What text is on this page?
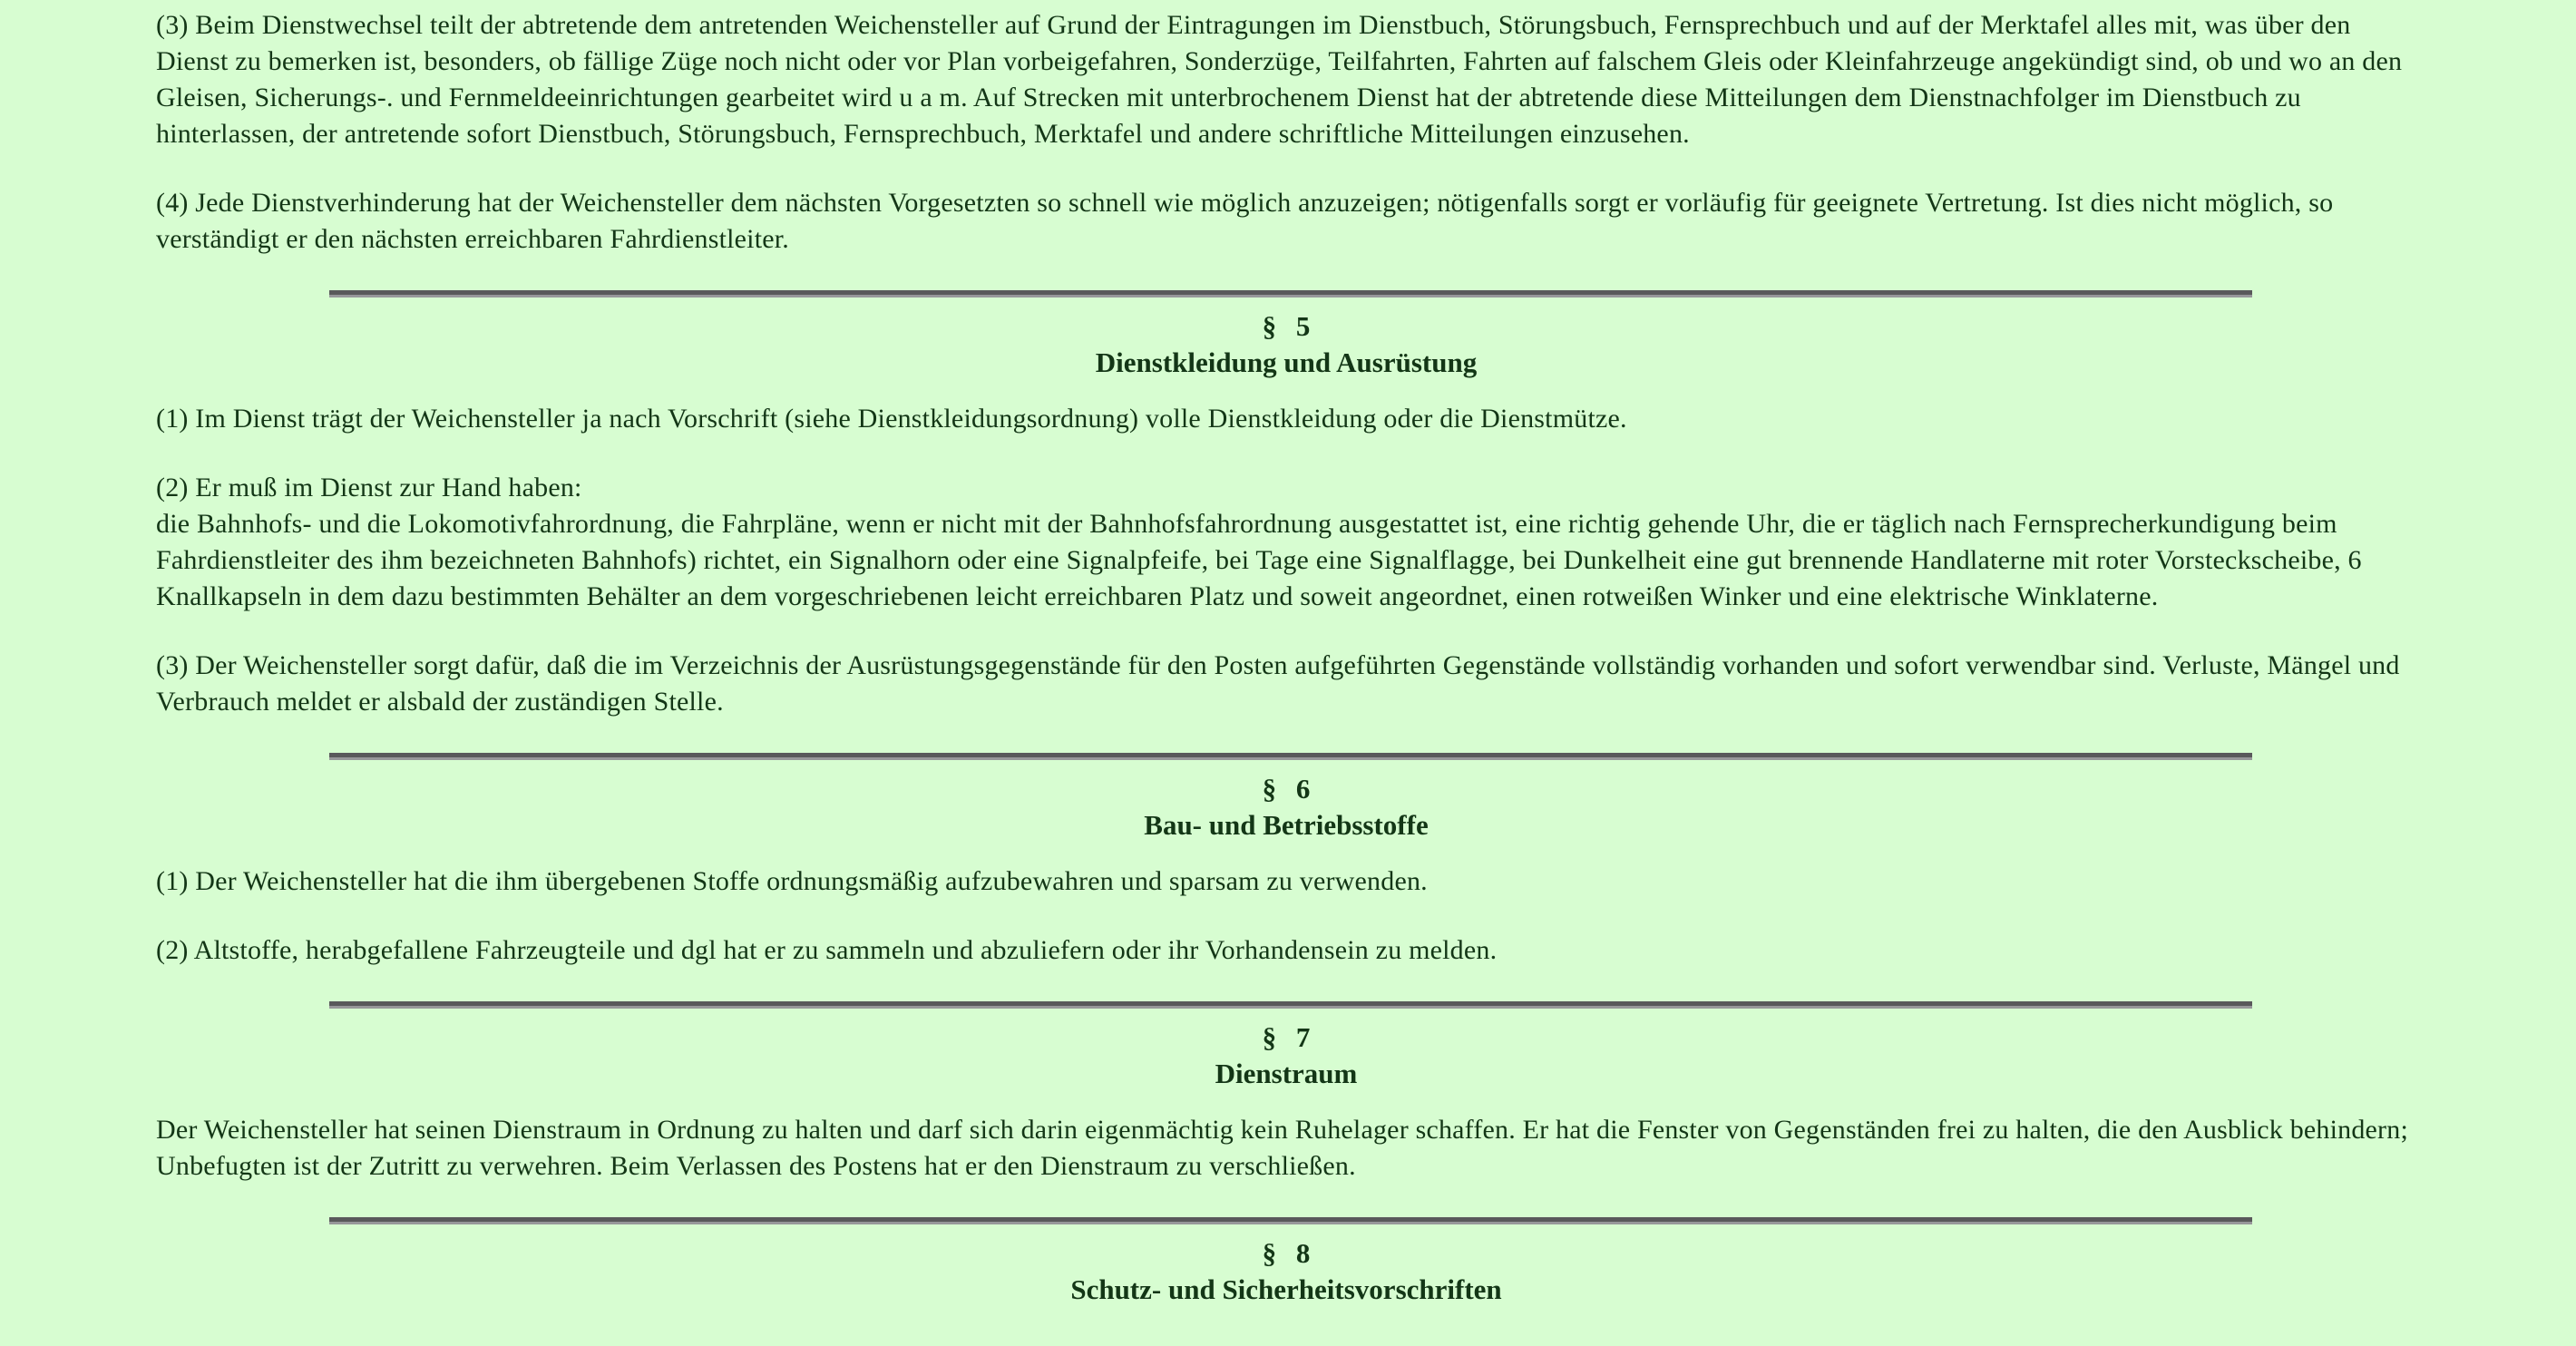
(3) Beim Dienstwechsel teilt der abtretende dem antretenden Weichensteller auf Grund der Eintragungen im Dienstbuch, Störungsbuch, Fernsprechbuch und auf der Merktafel alles mit, was über den Dienst zu bemerken ist, besonders, ob fällige Züge noch nicht oder vor Plan vorbeigefahren, Sonderzüge, Teilfahrten, Fahrten auf falschem Gleis oder Kleinfahrzeuge angekündigt sind, ob und wo an den Gleisen, Sicherungs-. und Fernmeldeeinrichtungen gearbeitet wird u a m. Auf Strecken mit unterbrochenem Dienst hat der abtretende diese Mitteilungen dem Dienstnachfolger im Dienstbuch zu hinterlassen, der antretende sofort Dienstbuch, Störungsbuch, Fernsprechbuch, Merktafel und andere schriftliche Mitteilungen einzusehen.

(4) Jede Dienstverhinderung hat der Weichensteller dem nächsten Vorgesetzten so schnell wie möglich anzuzeigen; nötigenfalls sorgt er vorläufig für geeignete Vertretung. Ist dies nicht möglich, so verständigt er den nächsten erreichbaren Fahrdienstleiter.

§ 5
Dienstkleidung und Ausrüstung

(1) Im Dienst trägt der Weichensteller ja nach Vorschrift (siehe Dienstkleidungsordnung) volle Dienstkleidung oder die Dienstmütze.

(2) Er muß im Dienst zur Hand haben:
die Bahnhofs- und die Lokomotivfahrordnung, die Fahrpläne, wenn er nicht mit der Bahnhofsfahrordnung ausgestattet ist, eine richtig gehende Uhr, die er täglich nach Fernsprecherkundigung beim Fahrdienstleiter des ihm bezeichneten Bahnhofs) richtet, ein Signalhorn oder eine Signalpfeife, bei Tage eine Signalflagge, bei Dunkelheit eine gut brennende Handlaterne mit roter Vorsteckscheibe, 6 Knallkapseln in dem dazu bestimmten Behälter an dem vorgeschriebenen leicht erreichbaren Platz und soweit angeordnet, einen rotweißen Winker und eine elektrische Winklaterne.

(3) Der Weichensteller sorgt dafür, daß die im Verzeichnis der Ausrüstungsgegenstände für den Posten aufgeführten Gegenstände vollständig vorhanden und sofort verwendbar sind. Verluste, Mängel und Verbrauch meldet er alsbald der zuständigen Stelle.

§ 6
Bau- und Betriebsstoffe

(1) Der Weichensteller hat die ihm übergebenen Stoffe ordnungsmäßig aufzubewahren und sparsam zu verwenden.

(2) Altstoffe, herabgefallene Fahrzeugteile und dgl hat er zu sammeln und abzuliefern oder ihr Vorhandensein zu melden.

§ 7
Dienstraum

Der Weichensteller hat seinen Dienstraum in Ordnung zu halten und darf sich darin eigenmächtig kein Ruhelager schaffen. Er hat die Fenster von Gegenständen frei zu halten, die den Ausblick behindern; Unbefugten ist der Zutritt zu verwehren. Beim Verlassen des Postens hat er den Dienstraum zu verschließen.

§ 8
Schutz- und Sicherheitsvorschriften
